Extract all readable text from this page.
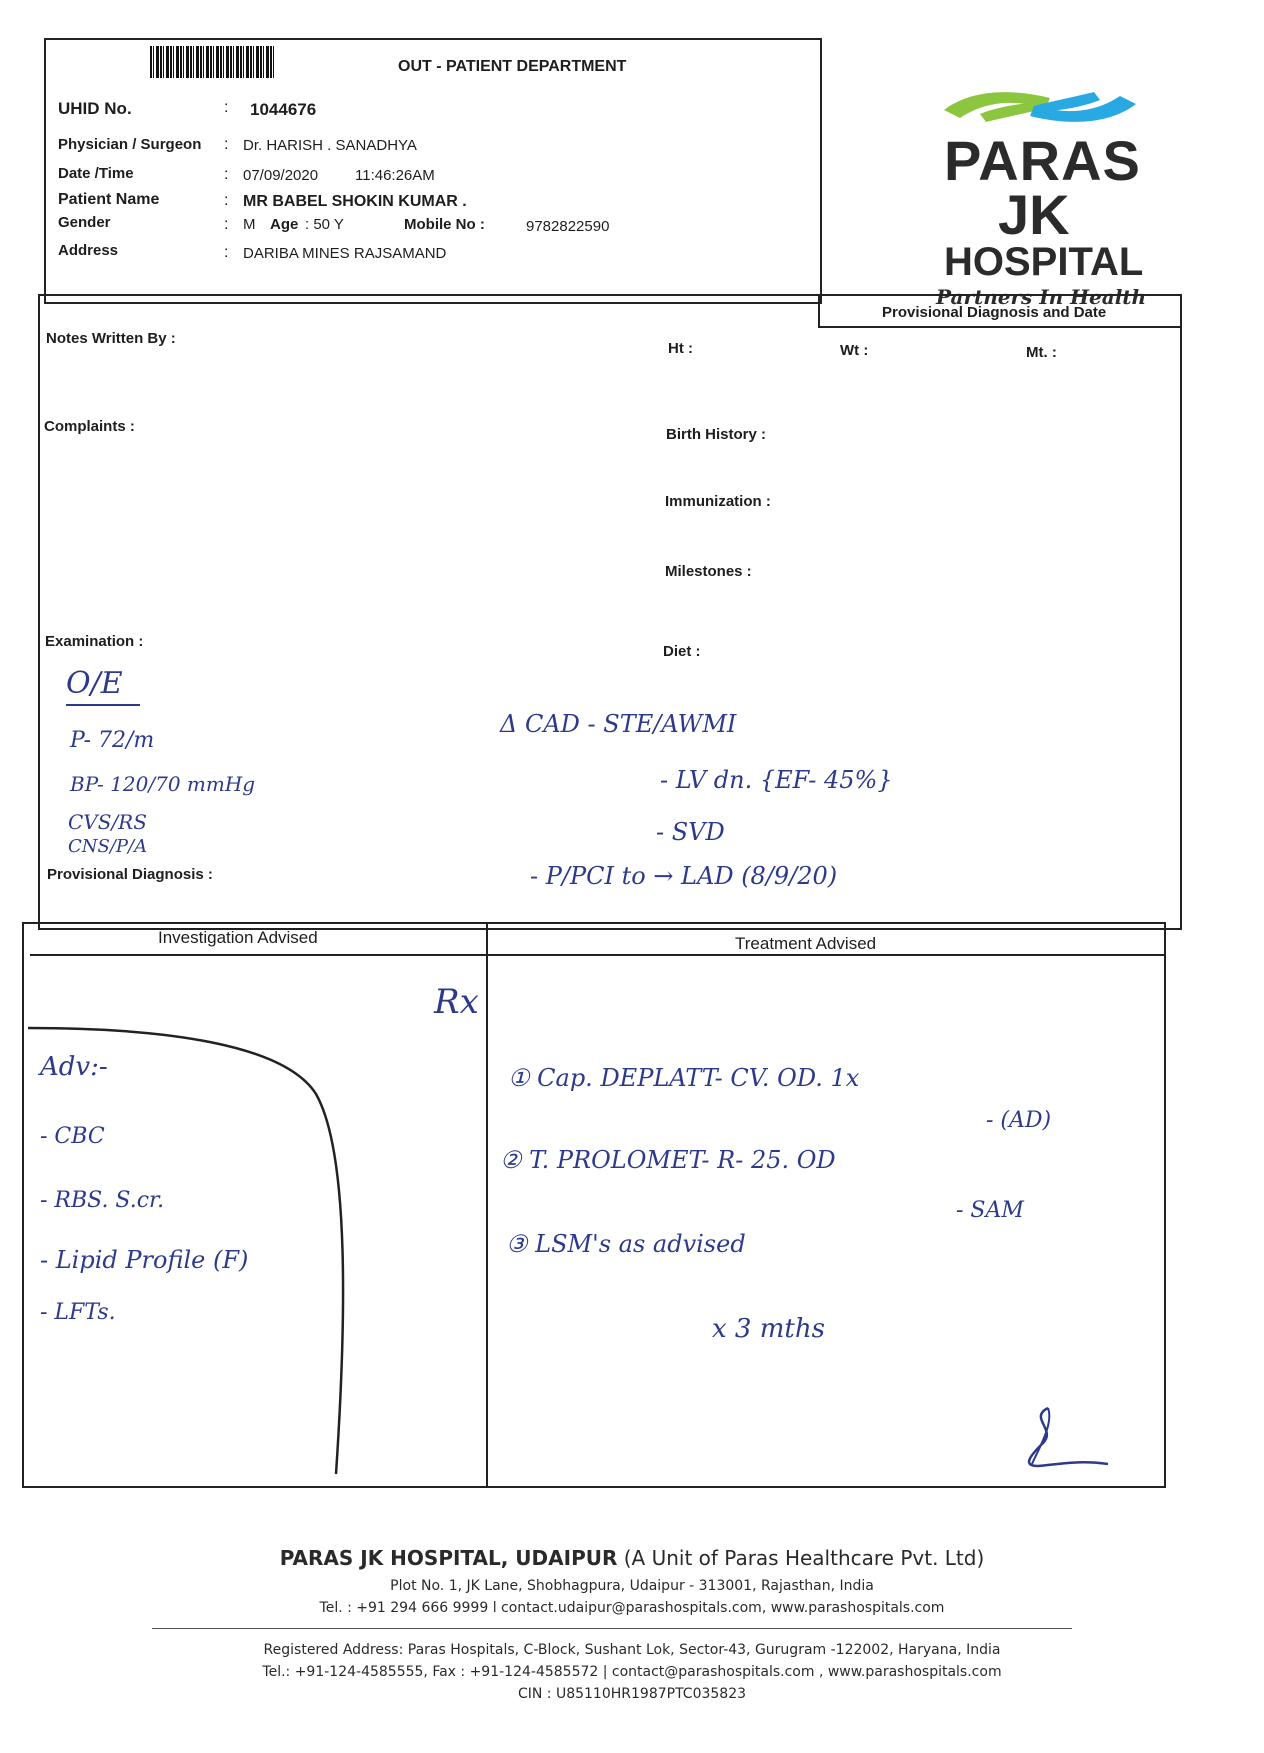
OUT - PATIENT DEPARTMENT
UHID No.	: 1044676
Physician / Surgeon : Dr. HARISH . SANADHYA
Date /Time	: 07/09/2020 11:46:26AM
Patient Name	: MR BABEL SHOKIN KUMAR .
Gender	: M Age : 50 Y	Mobile No :	9782822590
Address	: DARIBA MINES RAJSAMAND
PARAS
JK
HOSPITAL
Partners In Health
Provisional Diagnosis and Date
Notes Written By :
Ht :	Wt :	Mt. :
Complaints :	Birth History :
Immunization :
Milestones :
Examination :
Diet :
Provisional Diagnosis :
O/E
P- 72/m
BP- 120/70 mmHg
CVS/RS
CNS/P/A
Δ CAD - STE/AWMI
- LV dn. {EF- 45%}
- SVD
- P/PCI to → LAD (8/9/20)
Investigation Advised	Treatment Advised
Rx
Adv:-
- CBC
- RBS. S.cr.
- Lipid Profile (F)
- LFTs.
① Cap. DEPLATT- CV. OD. 1x
- (AD)
② T. PROLOMET- R- 25. OD
- SAM
③ LSM's as advised
x 3 mths
PARAS JK HOSPITAL, UDAIPUR (A Unit of Paras Healthcare Pvt. Ltd)
Plot No. 1, JK Lane, Shobhagpura, Udaipur - 313001, Rajasthan, India
Tel. : +91 294 666 9999 l contact.udaipur@parashospitals.com, www.parashospitals.com
Registered Address: Paras Hospitals, C-Block, Sushant Lok, Sector-43, Gurugram -122002, Haryana, India
Tel.: +91-124-4585555, Fax : +91-124-4585572 | contact@parashospitals.com , www.parashospitals.com
CIN : U85110HR1987PTC035823
